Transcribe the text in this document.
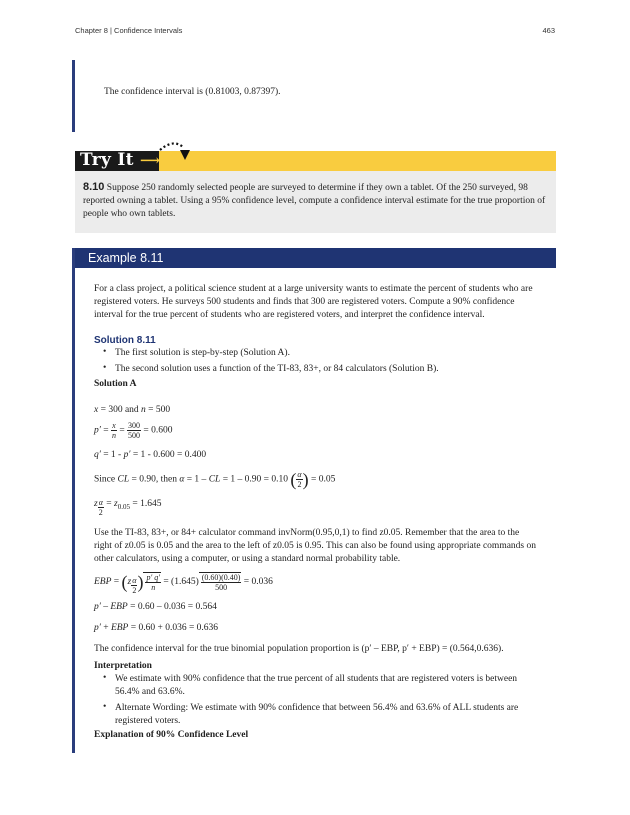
Chapter 8 | Confidence Intervals	463
The confidence interval is (0.81003, 0.87397).
Try It ⟶
8.10 Suppose 250 randomly selected people are surveyed to determine if they own a tablet. Of the 250 surveyed, 98 reported owning a tablet. Using a 95% confidence level, compute a confidence interval estimate for the true proportion of people who own tablets.
Example 8.11
For a class project, a political science student at a large university wants to estimate the percent of students who are registered voters. He surveys 500 students and finds that 300 are registered voters. Compute a 90% confidence interval for the true percent of students who are registered voters, and interpret the confidence interval.
Solution 8.11
• The first solution is step-by-step (Solution A).
• The second solution uses a function of the TI-83, 83+, or 84 calculators (Solution B).
Solution A
x = 300 and n = 500
$p' = \frac{x}{n} = \frac{300}{500} = 0.600$
q′ = 1 - p′ = 1 - 0.600 = 0.400
Since CL = 0.90, then α = 1 – CL = 1 – 0.90 = 0.10 ( $\frac{\alpha}{2}$ ) = 0.05
z $_{\frac{\alpha}{2}} = z_{0.05} = 1.645$
Use the TI-83, 83+, or 84+ calculator command invNorm(0.95,0,1) to find z0.05. Remember that the area to the right of z0.05 is 0.05 and the area to the left of z0.05 is 0.95. This can also be found using appropriate commands on other calculators, using a computer, or using a standard normal probability table.
EBP = (z $_{\frac{\alpha}{2}}$ ) $\frac{p' q'}{n} = (1.645) \frac{(0.60)(0.40)}{500} = 0.036$
p′ – EBP = 0.60 – 0.036 = 0.564
p′ + EBP = 0.60 + 0.036 = 0.636
The confidence interval for the true binomial population proportion is (p′ – EBP, p′ + EBP) = (0.564,0.636).
Interpretation
• We estimate with 90% confidence that the true percent of all students that are registered voters is between 56.4% and 63.6%.
• Alternate Wording: We estimate with 90% confidence that between 56.4% and 63.6% of ALL students are registered voters.
Explanation of 90% Confidence Level
